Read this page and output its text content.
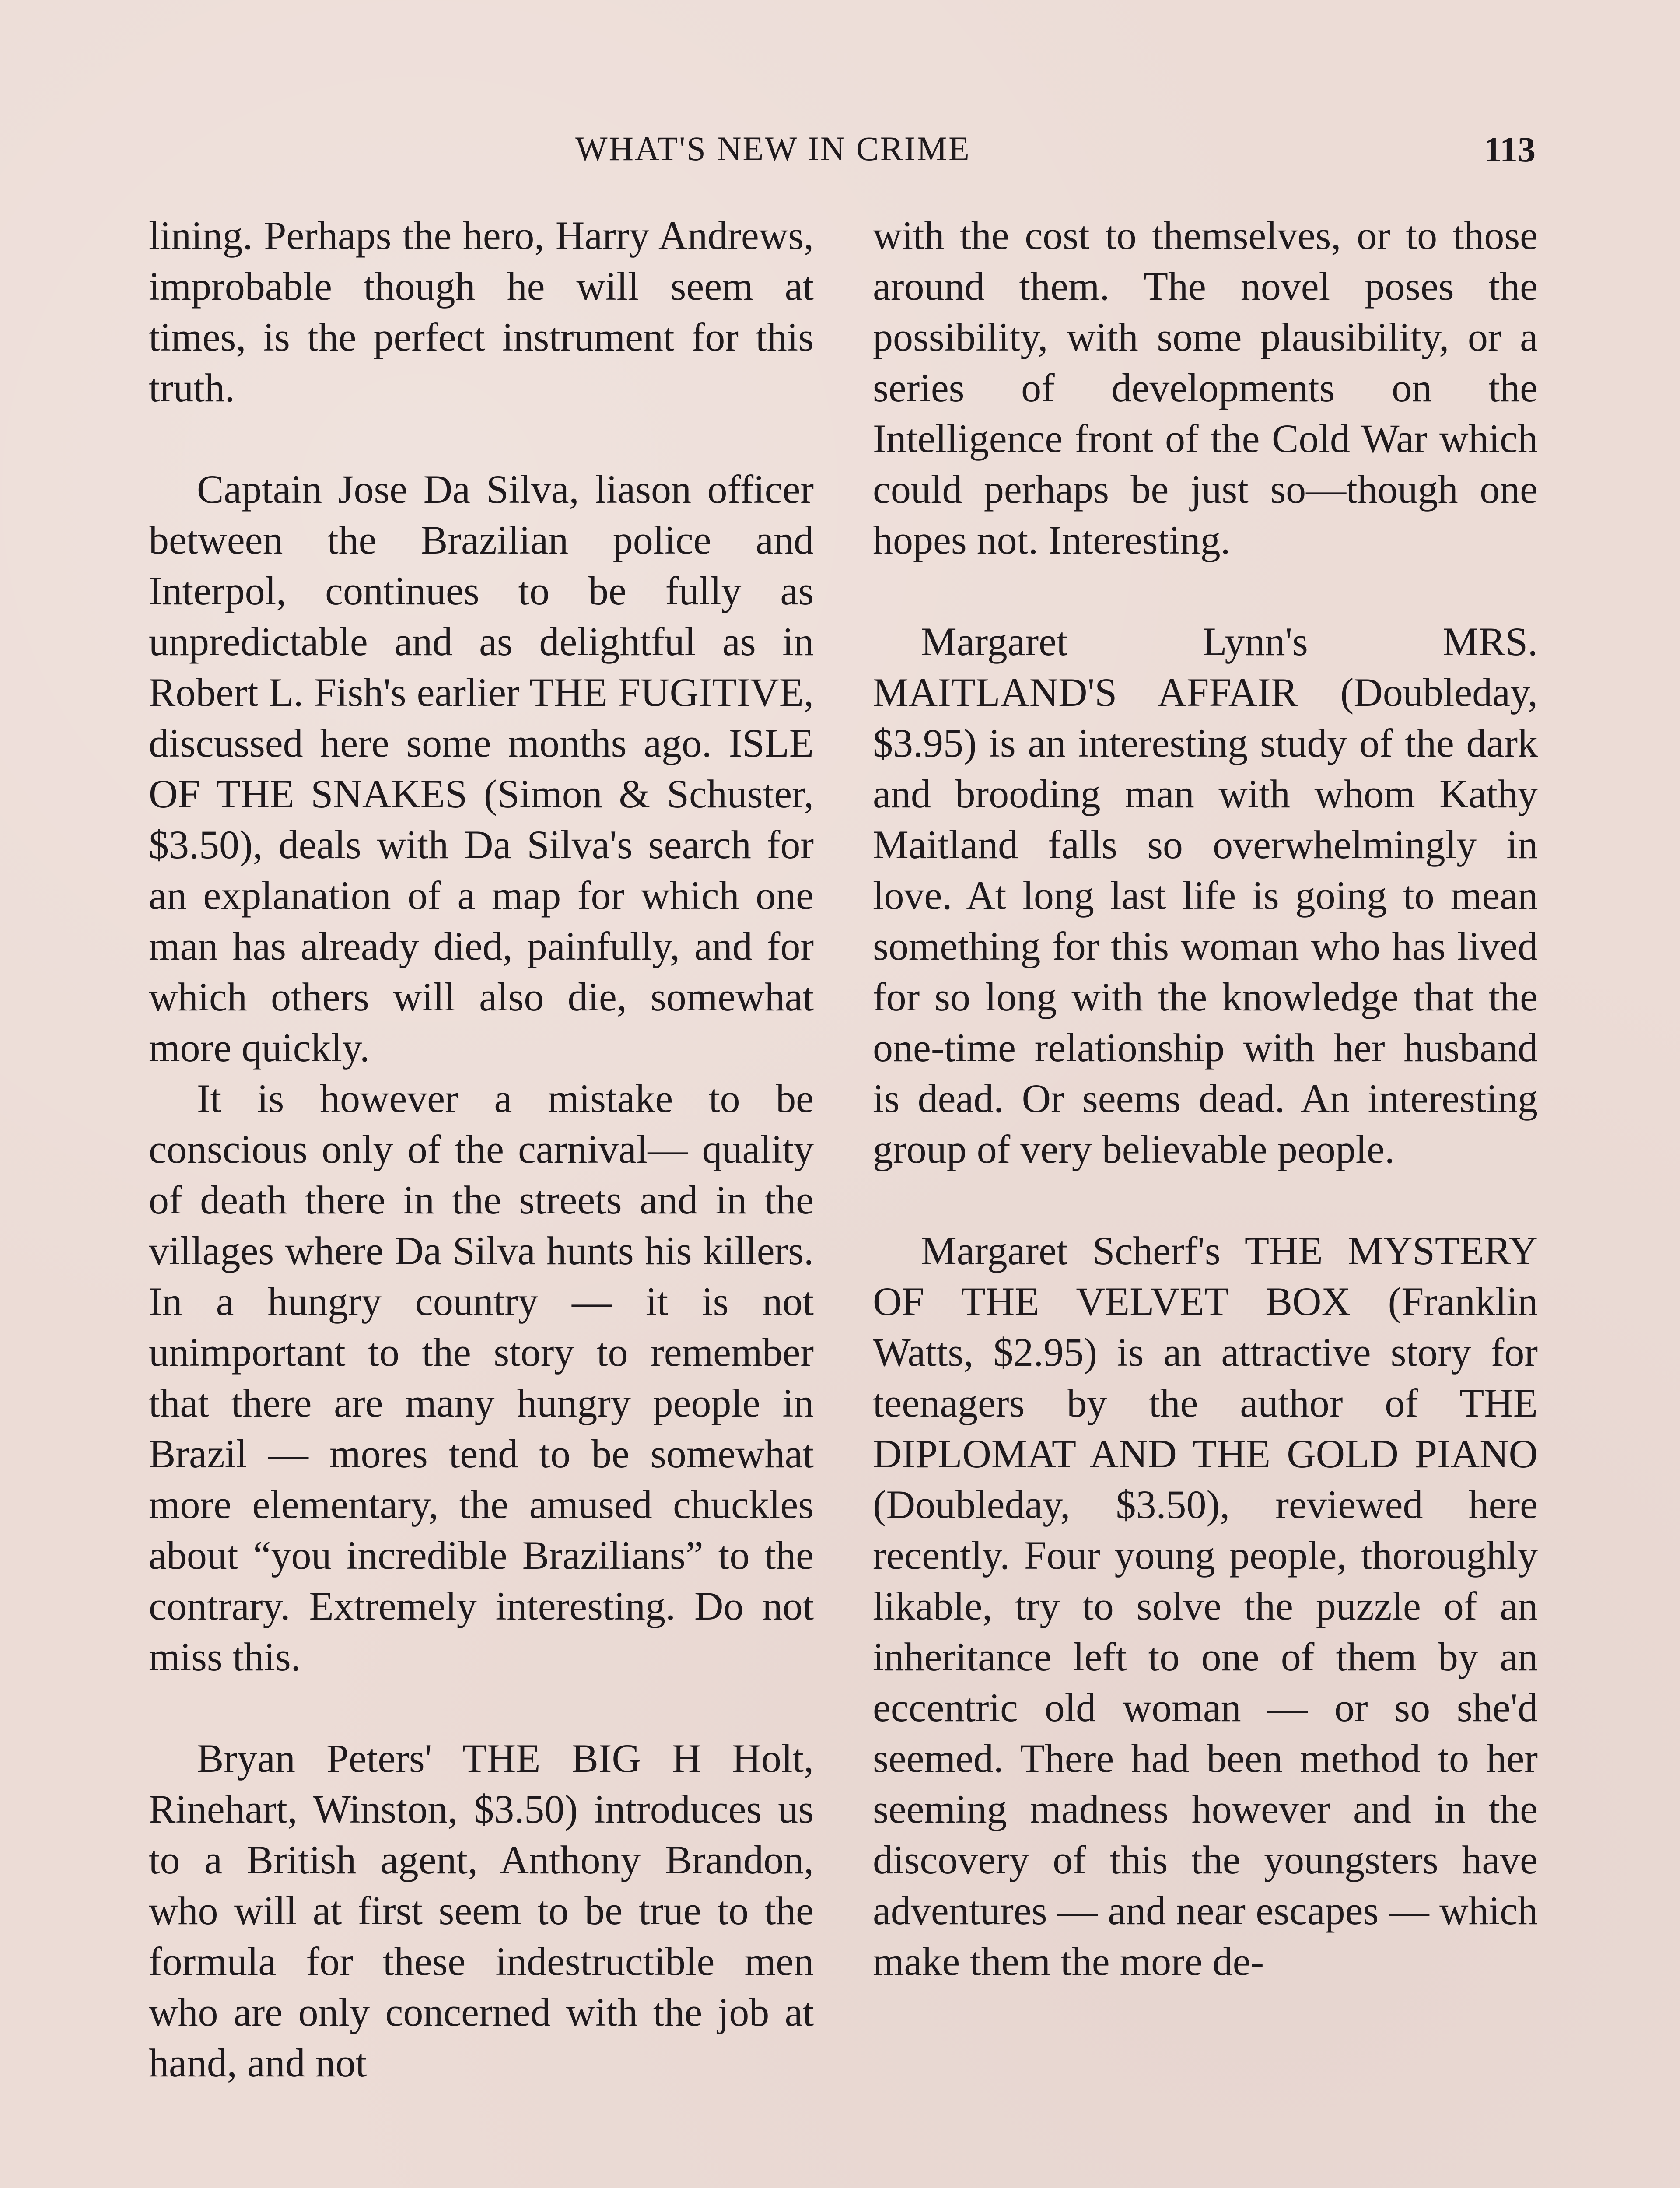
WHAT'S NEW IN CRIME	113

lining. Perhaps the hero, Harry Andrews, improbable though he will seem at times, is the perfect instrument for this truth.

Captain Jose Da Silva, liason officer between the Brazilian police and Interpol, continues to be fully as unpredictable and as delightful as in Robert L. Fish's earlier THE FUGITIVE, discussed here some months ago. ISLE OF THE SNAKES (Simon & Schuster, $3.50), deals with Da Silva's search for an explanation of a map for which one man has already died, painfully, and for which others will also die, somewhat more quickly.

It is however a mistake to be conscious only of the carnival— quality of death there in the streets and in the villages where Da Silva hunts his killers. In a hungry country — it is not unimportant to the story to remember that there are many hungry people in Brazil — mores tend to be somewhat more elementary, the amused chuckles about “you incredible Brazilians” to the contrary. Extremely interesting. Do not miss this.

Bryan Peters' THE BIG H Holt, Rinehart, Winston, $3.50) introduces us to a British agent, Anthony Brandon, who will at first seem to be true to the formula for these indestructible men who are only concerned with the job at hand, and not

with the cost to themselves, or to those around them. The novel poses the possibility, with some plausibility, or a series of developments on the Intelligence front of the Cold War which could perhaps be just so—though one hopes not. Interesting.

Margaret Lynn's MRS. MAITLAND'S AFFAIR (Doubleday, $3.95) is an interesting study of the dark and brooding man with whom Kathy Maitland falls so overwhelmingly in love. At long last life is going to mean something for this woman who has lived for so long with the knowledge that the one-time relationship with her husband is dead. Or seems dead. An interesting group of very believable people.

Margaret Scherf's THE MYSTERY OF THE VELVET BOX (Franklin Watts, $2.95) is an attractive story for teenagers by the author of THE DIPLOMAT AND THE GOLD PIANO (Doubleday, $3.50), reviewed here recently. Four young people, thoroughly likable, try to solve the puzzle of an inheritance left to one of them by an eccentric old woman — or so she'd seemed. There had been method to her seeming madness however and in the discovery of this the youngsters have adventures — and near escapes — which make them the more de-
